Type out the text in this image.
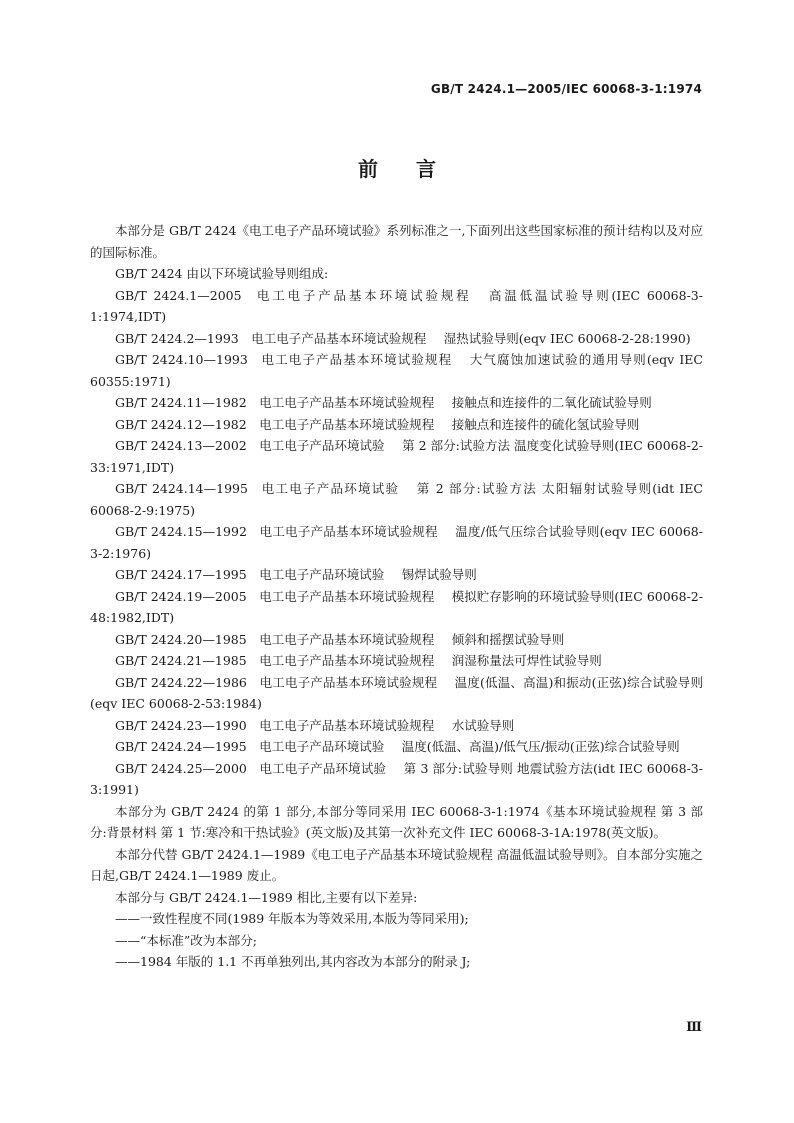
GB/T 2424.1—2005/IEC 60068-3-1:1974
前言

本部分是 GB/T 2424《电工电子产品环境试验》系列标准之一,下面列出这些国家标准的预计结构以及对应的国际标准。

GB/T 2424 由以下环境试验导则组成:

GB/T 2424.1—2005 电工电子产品基本环境试验规程 高温低温试验导则(IEC 60068-3-1:1974,IDT)

GB/T 2424.2—1993 电工电子产品基本环境试验规程 湿热试验导则(eqv IEC 60068-2-28:1990)

GB/T 2424.10—1993 电工电子产品基本环境试验规程 大气腐蚀加速试验的通用导则(eqv IEC 60355:1971)

GB/T 2424.11—1982 电工电子产品基本环境试验规程 接触点和连接件的二氧化硫试验导则

GB/T 2424.12—1982 电工电子产品基本环境试验规程 接触点和连接件的硫化氢试验导则

GB/T 2424.13—2002 电工电子产品环境试验 第 2 部分:试验方法 温度变化试验导则(IEC 60068-2-33:1971,IDT)

GB/T 2424.14—1995 电工电子产品环境试验 第 2 部分:试验方法 太阳辐射试验导则(idt IEC 60068-2-9:1975)

GB/T 2424.15—1992 电工电子产品基本环境试验规程 温度/低气压综合试验导则(eqv IEC 60068-3-2:1976)

GB/T 2424.17—1995 电工电子产品环境试验 锡焊试验导则

GB/T 2424.19—2005 电工电子产品基本环境试验规程 模拟贮存影响的环境试验导则(IEC 60068-2-48:1982,IDT)

GB/T 2424.20—1985 电工电子产品基本环境试验规程 倾斜和摇摆试验导则

GB/T 2424.21—1985 电工电子产品基本环境试验规程 润湿称量法可焊性试验导则

GB/T 2424.22—1986 电工电子产品基本环境试验规程 温度(低温、高温)和振动(正弦)综合试验导则(eqv IEC 60068-2-53:1984)

GB/T 2424.23—1990 电工电子产品基本环境试验规程 水试验导则

GB/T 2424.24—1995 电工电子产品环境试验 温度(低温、高温)/低气压/振动(正弦)综合试验导则

GB/T 2424.25—2000 电工电子产品环境试验 第 3 部分:试验导则 地震试验方法(idt IEC 60068-3-3:1991)

本部分为 GB/T 2424 的第 1 部分,本部分等同采用 IEC 60068-3-1:1974《基本环境试验规程 第 3 部分:背景材料 第 1 节:寒冷和干热试验》(英文版)及其第一次补充文件 IEC 60068-3-1A:1978(英文版)。

本部分代替 GB/T 2424.1—1989《电工电子产品基本环境试验规程 高温低温试验导则》。自本部分实施之日起,GB/T 2424.1—1989 废止。

本部分与 GB/T 2424.1—1989 相比,主要有以下差异:

——一致性程度不同(1989 年版本为等效采用,本版为等同采用);

——“本标准”改为本部分;

——1984 年版的 1.1 不再单独列出,其内容改为本部分的附录 J;

Ⅲ
